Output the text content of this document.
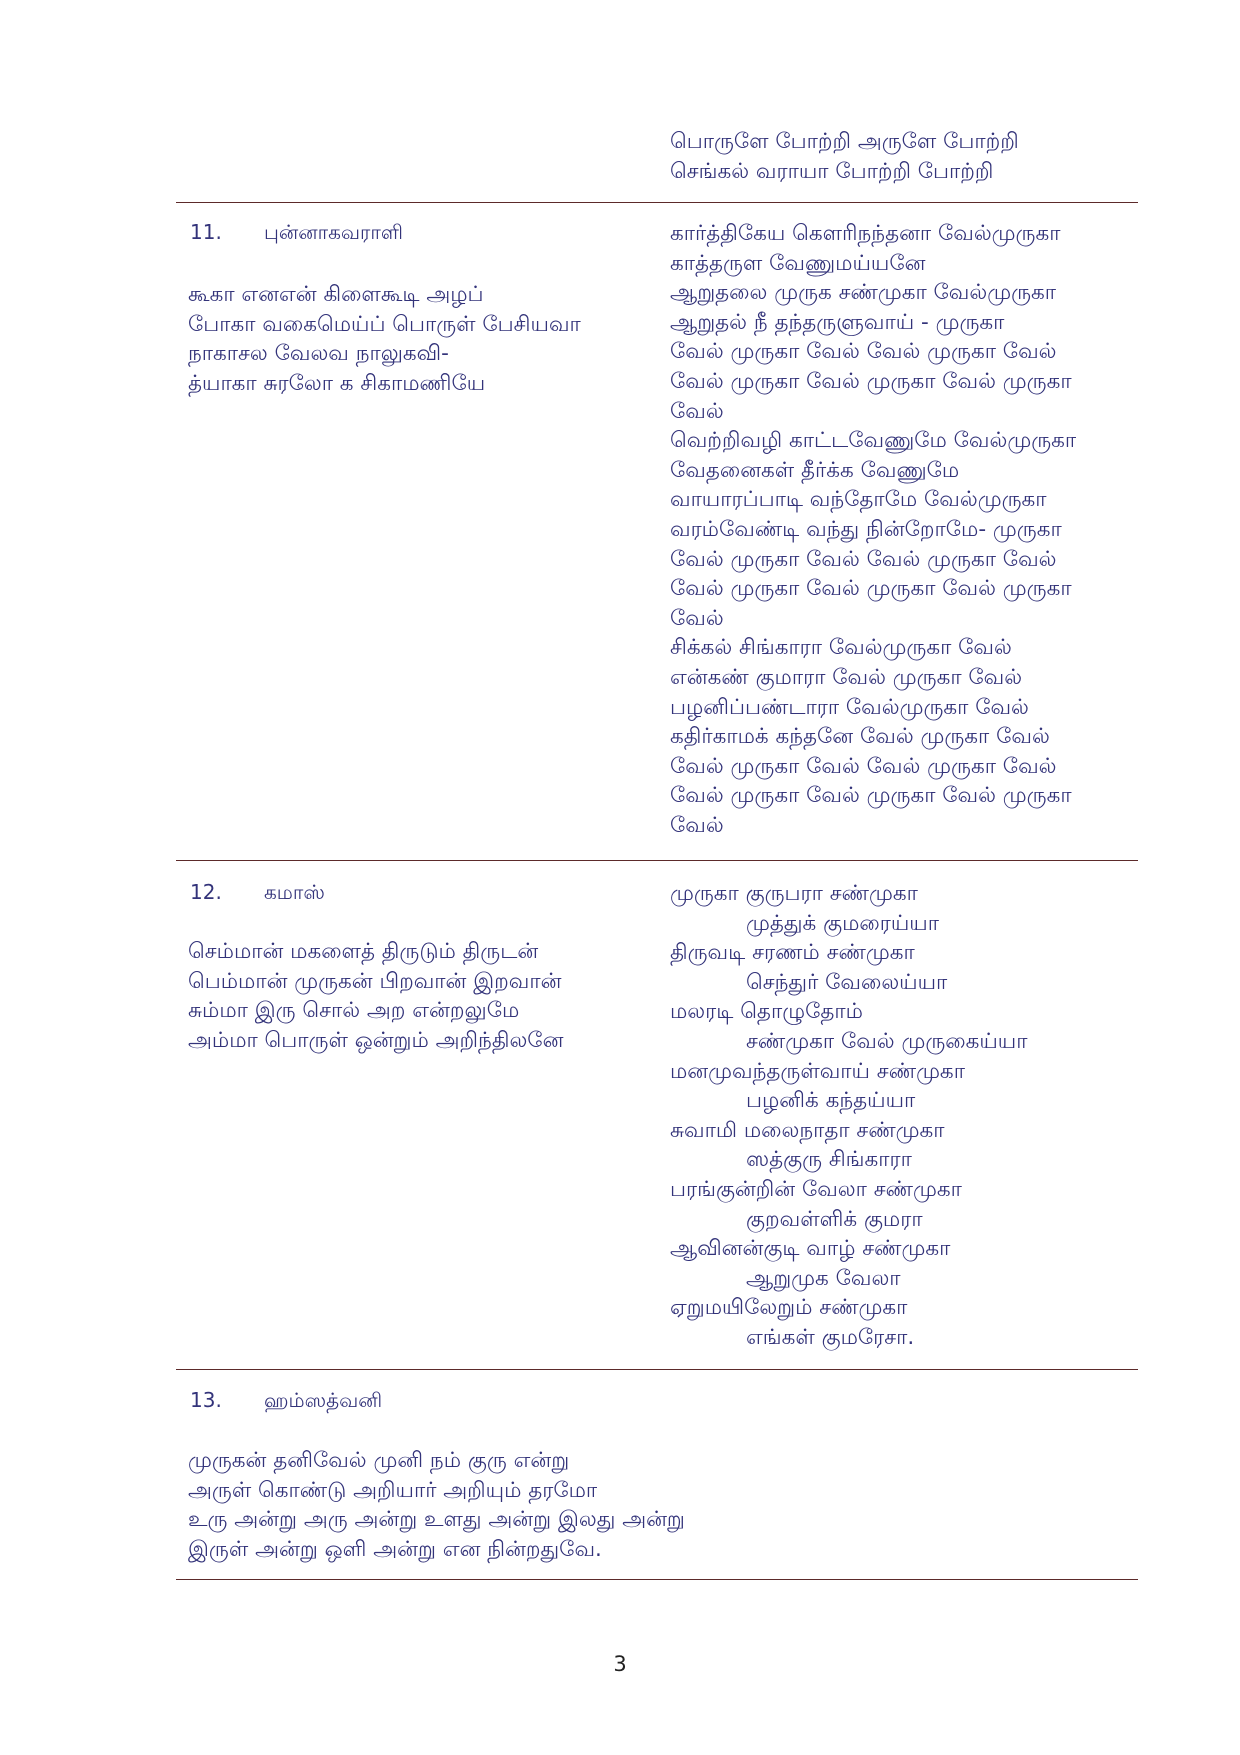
பொருளே போற்றி அருளே போற்றி
செங்கல் வராயா போற்றி போற்றி
11. புன்னாகவராளி
கூகா எனஎன் கிளைகூடி அழப்
போகா வகைமெய்ப் பொருள் பேசியவா
நாகாசல வேலவ நாலுகவி-
த்யாகா சுரலோ க சிகாமணியே
கார்த்திகேய கௌரிநந்தனா வேல்முருகா
காத்தருள வேணுமய்யனே
ஆறுதலை முருக சண்முகா வேல்முருகா
ஆறுதல் நீ தந்தருளுவாய் - முருகா
வேல் முருகா வேல் வேல் முருகா வேல்
வேல் முருகா வேல் முருகா வேல் முருகா
வேல்
வெற்றிவழி காட்டவேணுமே வேல்முருகா
வேதனைகள் தீர்க்க வேணுமே
வாயாரப்பாடி வந்தோமே வேல்முருகா
வரம்வேண்டி வந்து நின்றோமே- முருகா
வேல் முருகா வேல் வேல் முருகா வேல்
வேல் முருகா வேல் முருகா வேல் முருகா
வேல்
சிக்கல் சிங்காரா வேல்முருகா வேல்
என்கண் குமாரா வேல் முருகா வேல்
பழனிப்பண்டாரா வேல்முருகா வேல்
கதிர்காமக் கந்தனே வேல் முருகா வேல்
வேல் முருகா வேல் வேல் முருகா வேல்
வேல் முருகா வேல் முருகா வேல் முருகா
வேல்
12. கமாஸ்
செம்மான் மகளைத் திருடும் திருடன்
பெம்மான் முருகன் பிறவான் இறவான்
சும்மா இரு சொல் அற என்றலுமே
அம்மா பொருள் ஒன்றும் அறிந்திலனே
முருகா குருபரா சண்முகா
முத்துக் குமரைய்யா
திருவடி சரணம் சண்முகா
செந்துர் வேலைய்யா
மலரடி தொழுதோம்
சண்முகா வேல் முருகைய்யா
மனமுவந்தருள்வாய் சண்முகா
பழனிக் கந்தய்யா
சுவாமி மலைநாதா சண்முகா
ஸத்குரு சிங்காரா
பரங்குன்றின் வேலா சண்முகா
குறவள்ளிக் குமரா
ஆவினன்குடி வாழ் சண்முகா
ஆறுமுக வேலா
ஏறுமயிலேறும் சண்முகா
எங்கள் குமரேசா.
13. ஹம்ஸத்வனி
முருகன் தனிவேல் முனி நம் குரு என்று
அருள் கொண்டு அறியார் அறியும் தரமோ
உரு அன்று அரு அன்று உளது அன்று இலது அன்று
இருள் அன்று ஒளி அன்று என நின்றதுவே.
3
